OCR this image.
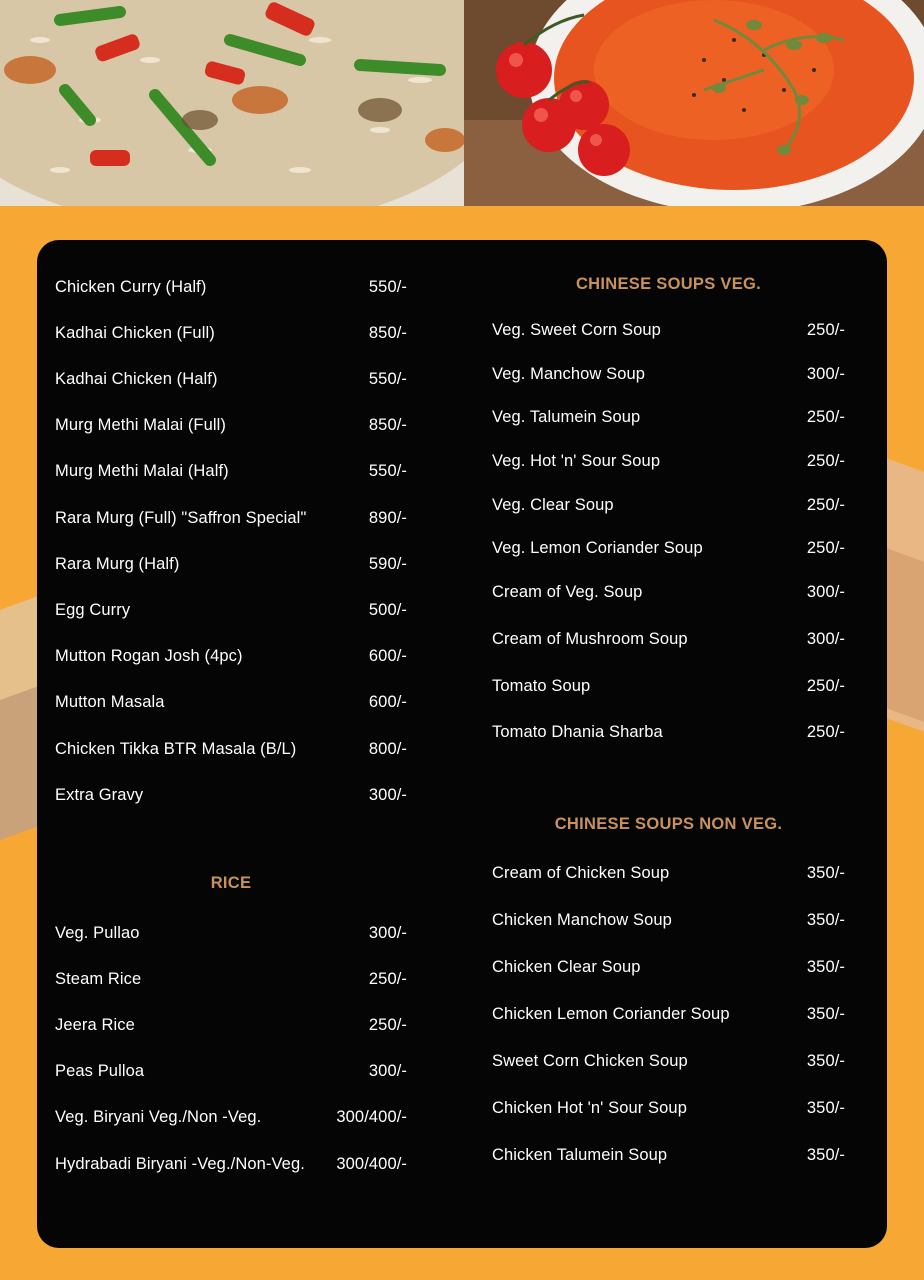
Chicken Curry (Half)	550/-
Kadhai Chicken (Full)	850/-
Kadhai Chicken (Half)	550/-
Murg Methi Malai (Full)	850/-
Murg Methi Malai (Half)	550/-
Rara Murg (Full) "Saffron Special"	890/-
Rara Murg (Half)	590/-
Egg Curry	500/-
Mutton Rogan Josh (4pc)	600/-
Mutton Masala	600/-
Chicken Tikka BTR Masala (B/L)	800/-
Extra Gravy	300/-
RICE
Veg. Pullao	300/-
Steam Rice	250/-
Jeera Rice	250/-
Peas Pulloa	300/-
Veg. Biryani Veg./Non -Veg.	300/400/-
Hydrabadi Biryani -Veg./Non-Veg. 300/400/-
CHINESE SOUPS VEG.
Veg. Sweet Corn Soup	250/-
Veg. Manchow Soup	300/-
Veg. Talumein Soup	250/-
Veg. Hot 'n' Sour Soup	250/-
Veg. Clear Soup	250/-
Veg. Lemon Coriander Soup	250/-
Cream of Veg. Soup	300/-
Cream of Mushroom Soup	300/-
Tomato Soup	250/-
Tomato Dhania Sharba	250/-
CHINESE SOUPS NON VEG.
Cream of Chicken Soup	350/-
Chicken Manchow Soup	350/-
Chicken Clear Soup	350/-
Chicken Lemon Coriander Soup	350/-
Sweet Corn Chicken Soup	350/-
Chicken Hot 'n' Sour Soup	350/-
Chicken Talumein Soup	350/-
